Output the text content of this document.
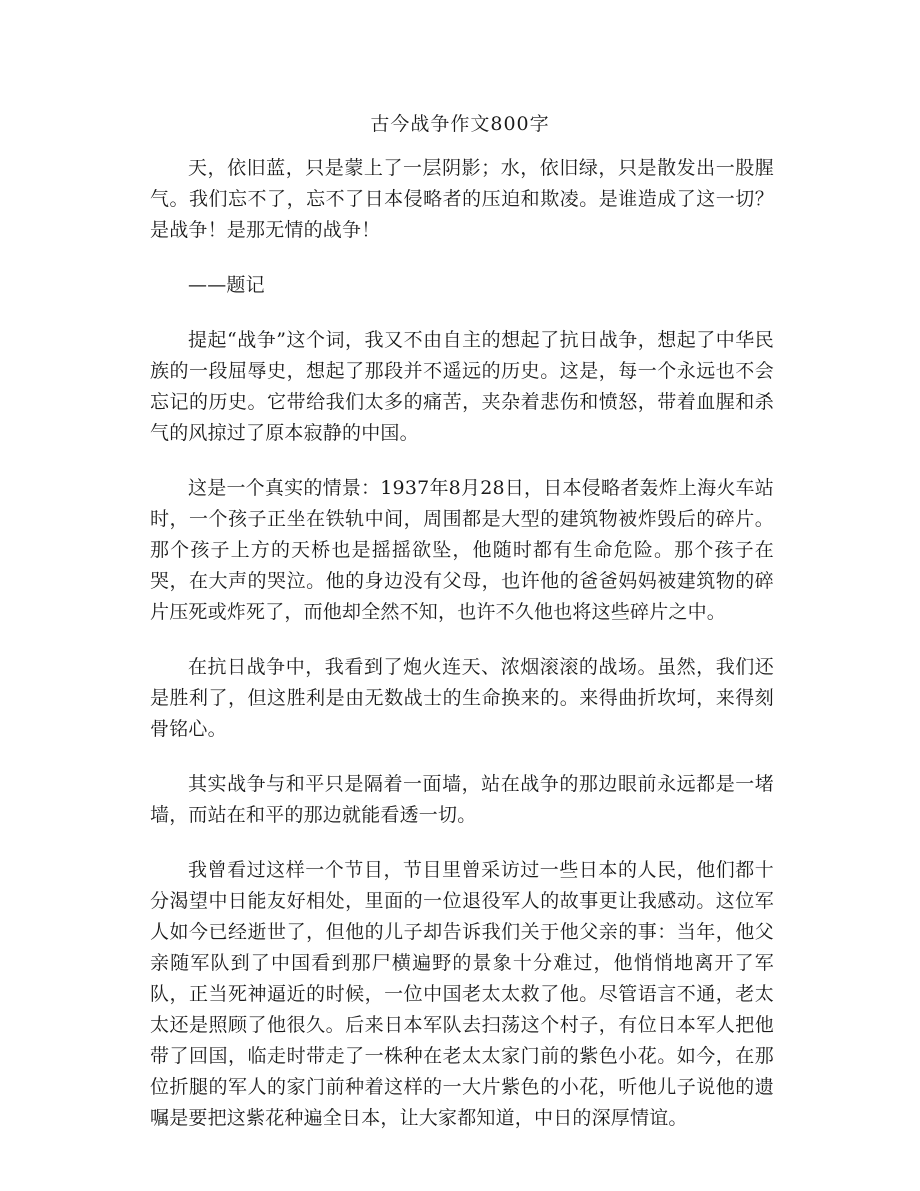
古今战争作文800字

天，依旧蓝，只是蒙上了一层阴影；水，依旧绿，只是散发出一股腥气。我们忘不了，忘不了日本侵略者的压迫和欺凌。是谁造成了这一切？是战争！是那无情的战争！

——题记

提起“战争”这个词，我又不由自主的想起了抗日战争，想起了中华民族的一段屈辱史，想起了那段并不遥远的历史。这是，每一个永远也不会忘记的历史。它带给我们太多的痛苦，夹杂着悲伤和愤怒，带着血腥和杀气的风掠过了原本寂静的中国。

这是一个真实的情景：1937年8月28日，日本侵略者轰炸上海火车站时，一个孩子正坐在铁轨中间，周围都是大型的建筑物被炸毁后的碎片。那个孩子上方的天桥也是摇摇欲坠，他随时都有生命危险。那个孩子在哭，在大声的哭泣。他的身边没有父母，也许他的爸爸妈妈被建筑物的碎片压死或炸死了，而他却全然不知，也许不久他也将这些碎片之中。

在抗日战争中，我看到了炮火连天、浓烟滚滚的战场。虽然，我们还是胜利了，但这胜利是由无数战士的生命换来的。来得曲折坎坷，来得刻骨铭心。

其实战争与和平只是隔着一面墙，站在战争的那边眼前永远都是一堵墙，而站在和平的那边就能看透一切。

我曾看过这样一个节目，节目里曾采访过一些日本的人民，他们都十分渴望中日能友好相处，里面的一位退役军人的故事更让我感动。这位军人如今已经逝世了，但他的儿子却告诉我们关于他父亲的事：当年，他父亲随军队到了中国看到那尸横遍野的景象十分难过，他悄悄地离开了军队，正当死神逼近的时候，一位中国老太太救了他。尽管语言不通，老太太还是照顾了他很久。后来日本军队去扫荡这个村子，有位日本军人把他带了回国，临走时带走了一株种在老太太家门前的紫色小花。如今，在那位折腿的军人的家门前种着这样的一大片紫色的小花，听他儿子说他的遗嘱是要把这紫花种遍全日本，让大家都知道，中日的深厚情谊。
